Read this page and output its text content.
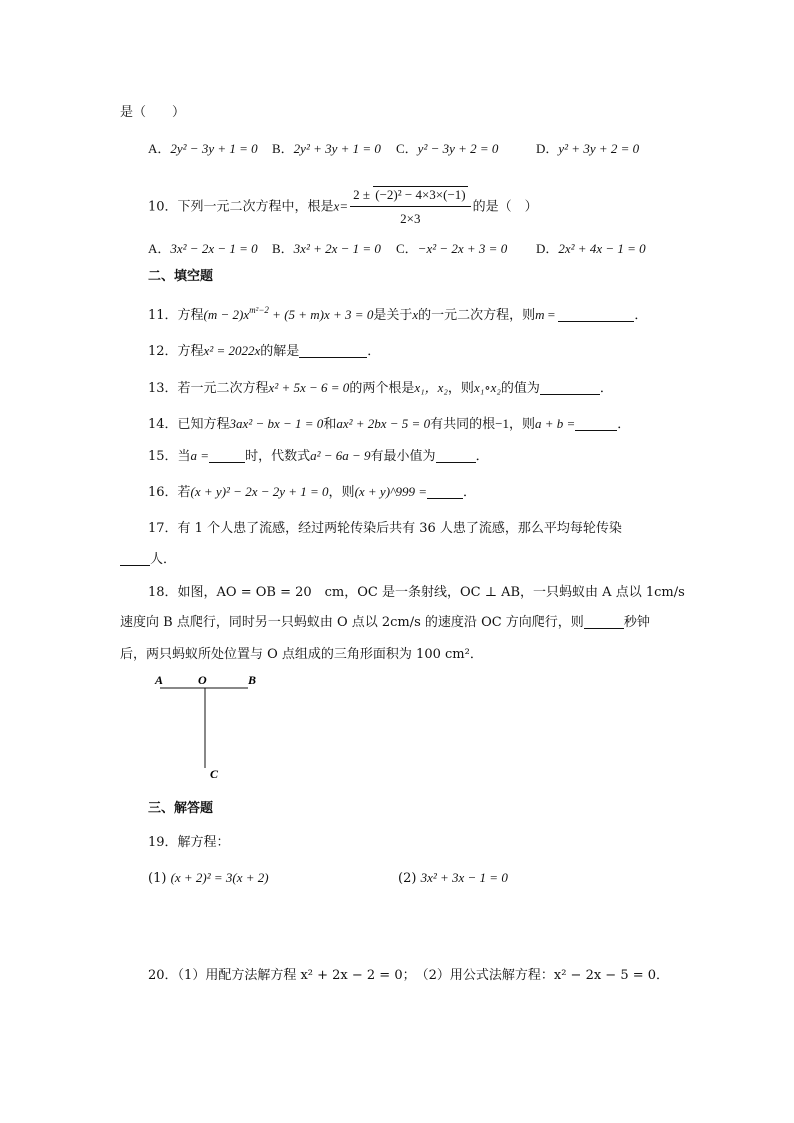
是（　　）
A．2y² − 3y + 1 = 0 B．2y² + 3y + 1 = 0 C．y² − 3y + 2 = 0	D．y² + 3y + 2 = 0
10．下列一元二次方程中，根是$x= \frac{\text{2 ± (−2)² − 4×3×(−1)}}{2\times 3}$ 的是（　）
A．3x² − 2x − 1 = 0 B．3x² + 2x − 1 = 0 C．−x² − 2x + 3 = 0 D．2x² + 4x − 1 = 0
二、填空题
11．方程$(m - 2)x^{m^2-2} + (5 + m)x + 3 = 0$是关于x的一元二次方程，则m =	．
12．方程x² = 2022x的解是	．
13．若一元二次方程x² + 5x − 6 = 0的两个根是x₁，x₂，则x₁∘x₂的值为	．
14．已知方程3ax² − bx − 1 = 0和ax² + 2bx − 5 = 0有共同的根−1，则a + b =	．
15．当a =	时，代数式a² − 6a − 9有最小值为	．
16．若(x + y)² − 2x − 2y + 1 = 0，则(x + y)^999 =	．
17．有 1 个人患了流感，经过两轮传染后共有 36 人患了流感，那么平均每轮传染
人．
18．如图，AO = OB = 20　cm，OC 是一条射线，OC ⊥ AB，一只蚂蚁由 A 点以 1cm/s
速度向 B 点爬行，同时另一只蚂蚁由 O 点以 2cm/s 的速度沿 OC 方向爬行，则	秒钟
后，两只蚂蚁所处位置与 O 点组成的三角形面积为 100 cm²．
A	O	B
C
三、解答题
19．解方程：
(1) (x + 2)² = 3(x + 2)	(2) 3x² + 3x − 1 = 0
20．（1）用配方法解方程 x² + 2x − 2 = 0；　（2）用公式法解方程：x² − 2x − 5 = 0．
